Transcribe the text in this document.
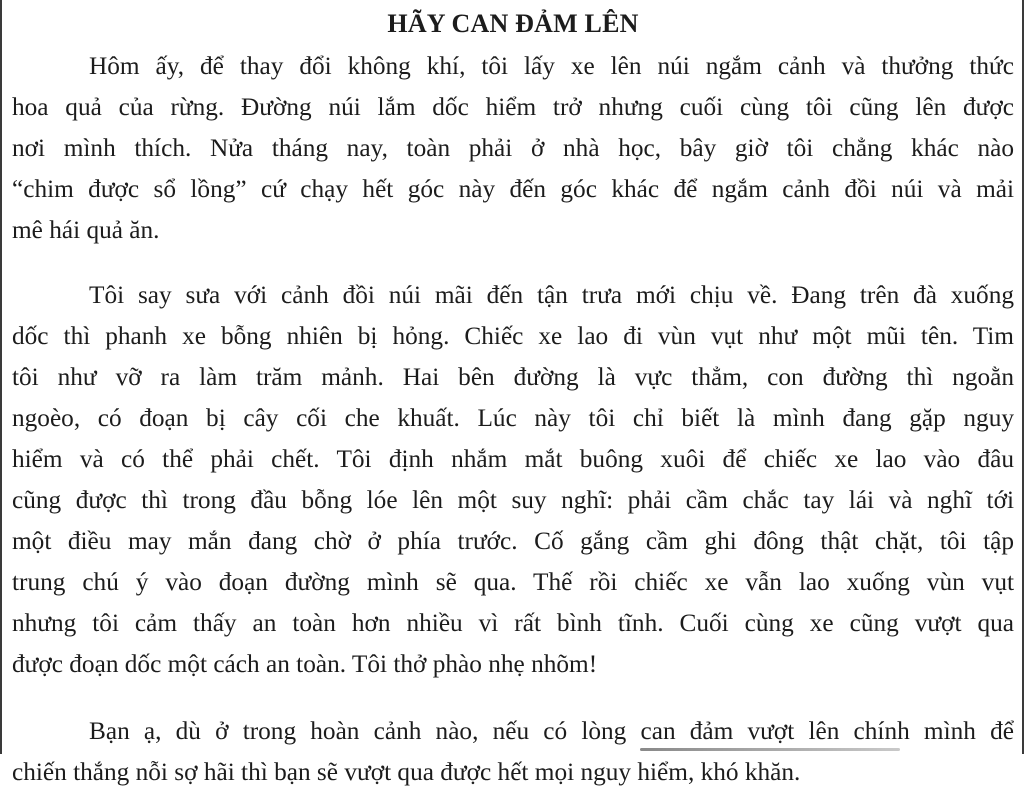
HÃY CAN ĐẢM LÊN
Hôm ấy, để thay đổi không khí, tôi lấy xe lên núi ngắm cảnh và thưởng thức
hoa quả của rừng. Đường núi lắm dốc hiểm trở nhưng cuối cùng tôi cũng lên được
nơi mình thích. Nửa tháng nay, toàn phải ở nhà học, bây giờ tôi chẳng khác nào
“chim được sổ lồng” cứ chạy hết góc này đến góc khác để ngắm cảnh đồi núi và mải
mê hái quả ăn.
Tôi say sưa với cảnh đồi núi mãi đến tận trưa mới chịu về. Đang trên đà xuống
dốc thì phanh xe bỗng nhiên bị hỏng. Chiếc xe lao đi vùn vụt như một mũi tên. Tim
tôi như vỡ ra làm trăm mảnh. Hai bên đường là vực thẳm, con đường thì ngoằn
ngoèo, có đoạn bị cây cối che khuất. Lúc này tôi chỉ biết là mình đang gặp nguy
hiểm và có thể phải chết. Tôi định nhắm mắt buông xuôi để chiếc xe lao vào đâu
cũng được thì trong đầu bỗng lóe lên một suy nghĩ: phải cầm chắc tay lái và nghĩ tới
một điều may mắn đang chờ ở phía trước. Cố gắng cầm ghi đông thật chặt, tôi tập
trung chú ý vào đoạn đường mình sẽ qua. Thế rồi chiếc xe vẫn lao xuống vùn vụt
nhưng tôi cảm thấy an toàn hơn nhiều vì rất bình tĩnh. Cuối cùng xe cũng vượt qua
được đoạn dốc một cách an toàn. Tôi thở phào nhẹ nhõm!
Bạn ạ, dù ở trong hoàn cảnh nào, nếu có lòng can đảm vượt lên chính mình để
chiến thắng nỗi sợ hãi thì bạn sẽ vượt qua được hết mọi nguy hiểm, khó khăn.
